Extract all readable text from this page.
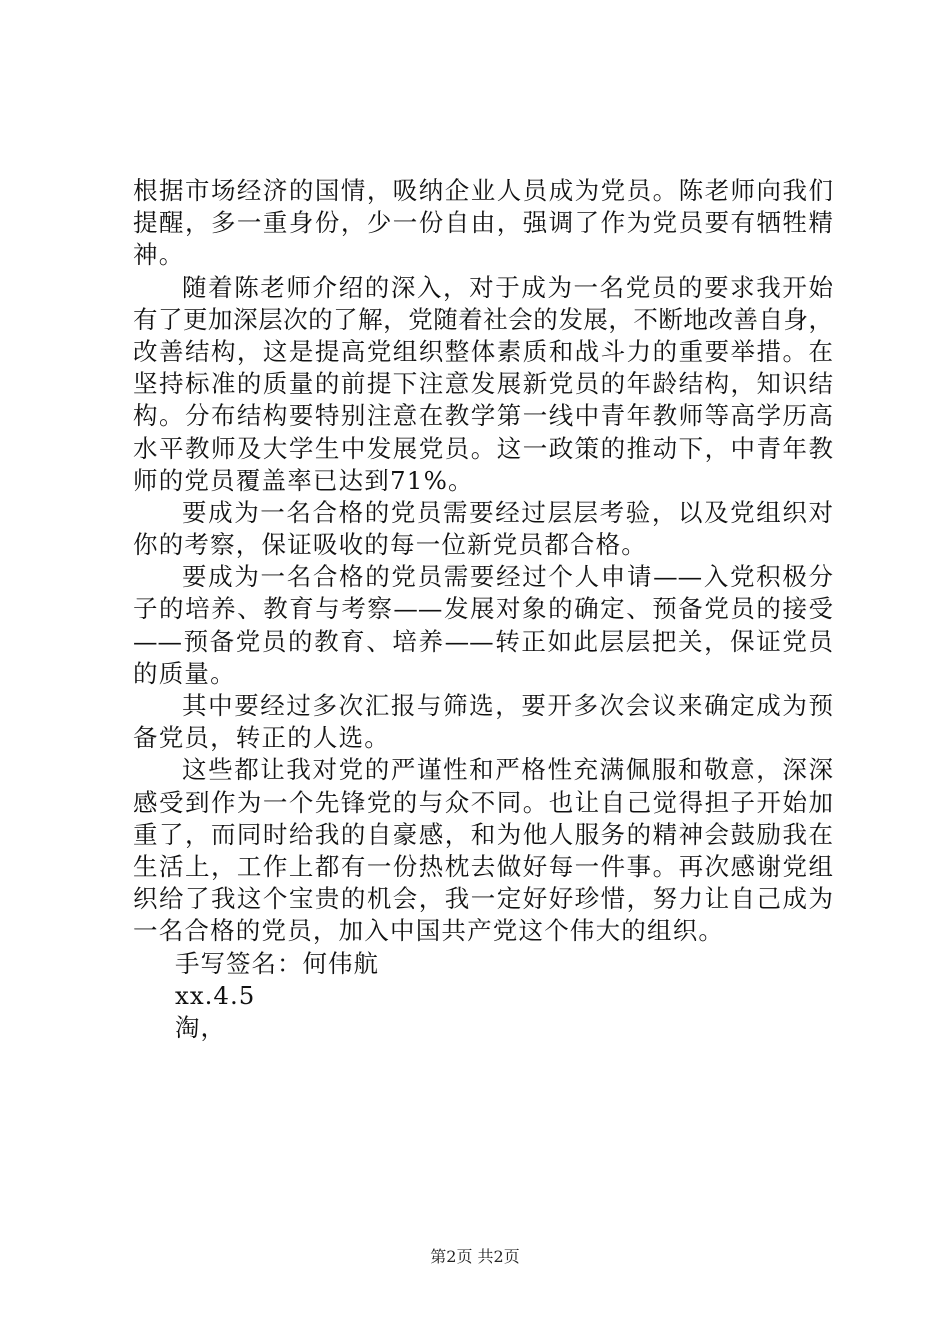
根据市场经济的国情，吸纳企业人员成为党员。陈老师向我们
提醒，多一重身份，少一份自由，强调了作为党员要有牺牲精
神。
随着陈老师介绍的深入，对于成为一名党员的要求我开始
有了更加深层次的了解，党随着社会的发展，不断地改善自身，
改善结构，这是提高党组织整体素质和战斗力的重要举措。在
坚持标准的质量的前提下注意发展新党员的年龄结构，知识结
构。分布结构要特别注意在教学第一线中青年教师等高学历高
水平教师及大学生中发展党员。这一政策的推动下，中青年教
师的党员覆盖率已达到71%。
要成为一名合格的党员需要经过层层考验，以及党组织对
你的考察，保证吸收的每一位新党员都合格。
要成为一名合格的党员需要经过个人申请——入党积极分
子的培养、教育与考察——发展对象的确定、预备党员的接受
——预备党员的教育、培养——转正如此层层把关，保证党员
的质量。
其中要经过多次汇报与筛选，要开多次会议来确定成为预
备党员，转正的人选。
这些都让我对党的严谨性和严格性充满佩服和敬意，深深
感受到作为一个先锋党的与众不同。也让自己觉得担子开始加
重了，而同时给我的自豪感，和为他人服务的精神会鼓励我在
生活上，工作上都有一份热枕去做好每一件事。再次感谢党组
织给了我这个宝贵的机会，我一定好好珍惜，努力让自己成为
一名合格的党员，加入中国共产党这个伟大的组织。
手写签名：何伟航
xx.4.5
淘，
第2页 共2页
